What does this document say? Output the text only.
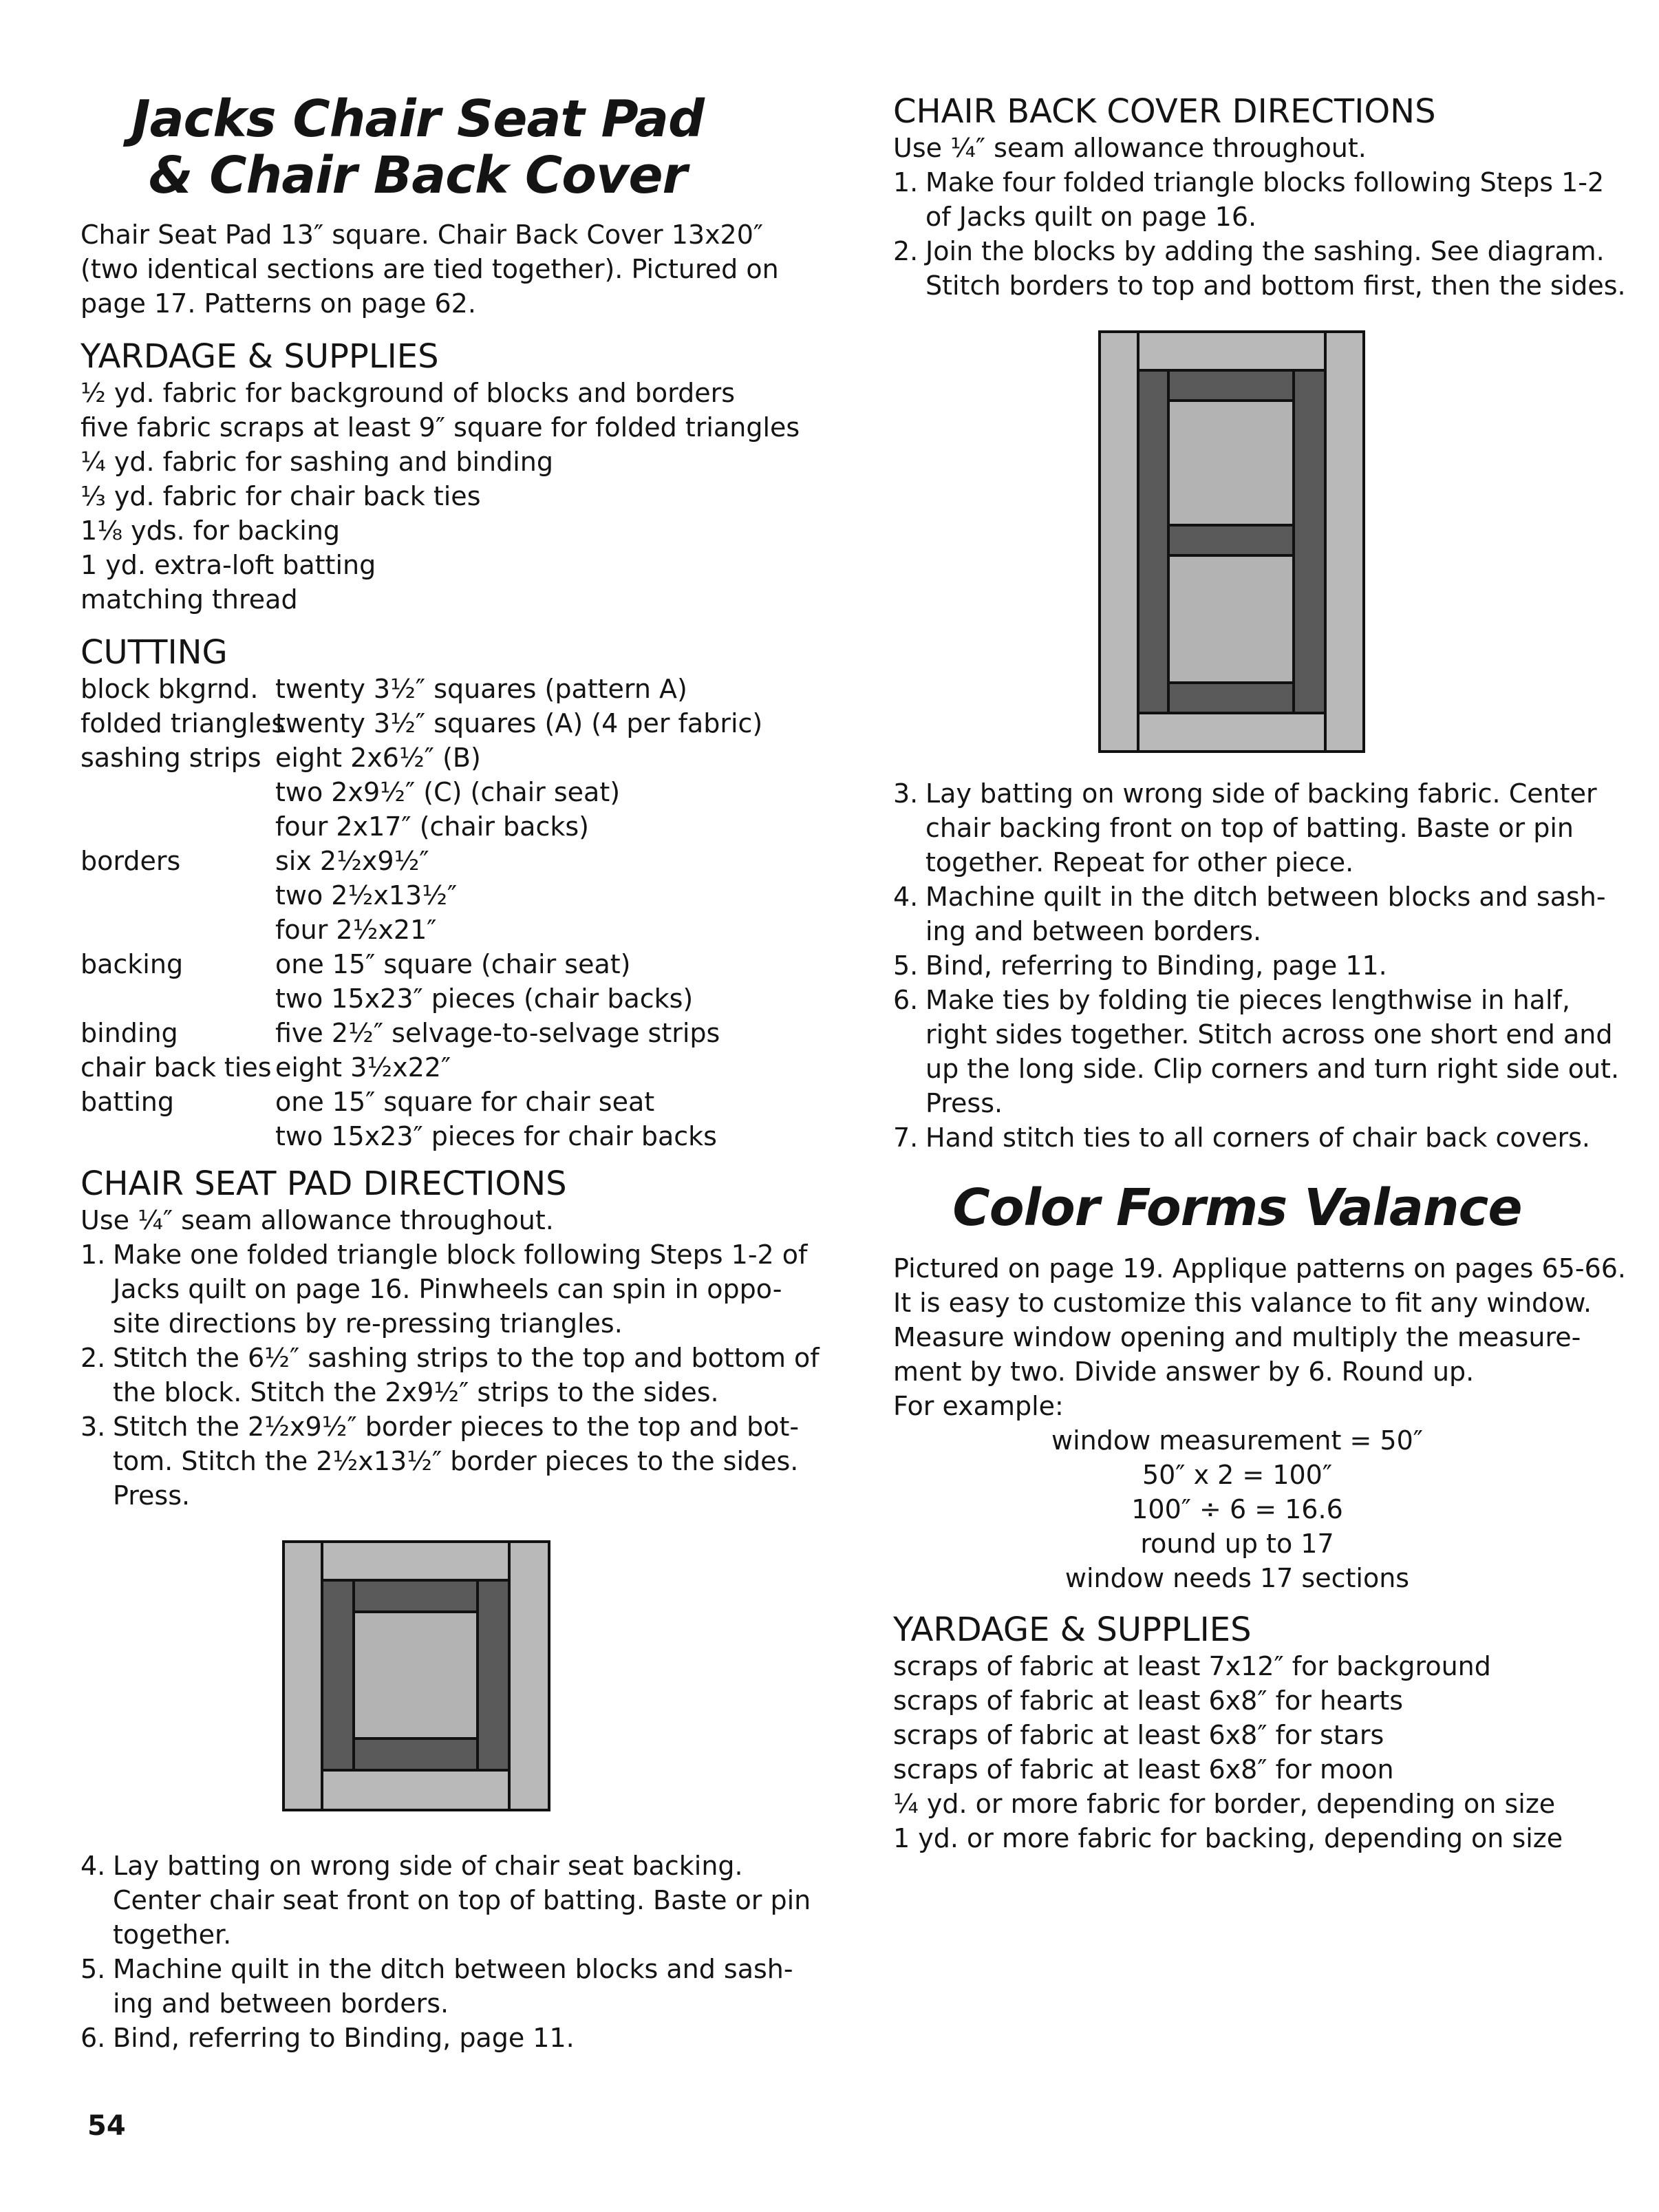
Jacks Chair Seat Pad
& Chair Back Cover
Chair Seat Pad 13″ square. Chair Back Cover 13x20″
(two identical sections are tied together). Pictured on
page 17. Patterns on page 62.
YARDAGE & SUPPLIES
½ yd. fabric for background of blocks and borders
five fabric scraps at least 9″ square for folded triangles
¼ yd. fabric for sashing and binding
⅓ yd. fabric for chair back ties
1⅛ yds. for backing
1 yd. extra-loft batting
matching thread
CUTTING
block bkgrnd.
folded triangles
sashing strips

borders

backing

binding
chair back ties
batting

twenty 3½″ squares (pattern A)
twenty 3½″ squares (A) (4 per fabric)
eight 2x6½″ (B)
two 2x9½″ (C) (chair seat)
four 2x17″ (chair backs)
six 2½x9½″
two 2½x13½″
four 2½x21″
one 15″ square (chair seat)
two 15x23″ pieces (chair backs)
five 2½″ selvage-to-selvage strips
eight 3½x22″
one 15″ square for chair seat
two 15x23″ pieces for chair backs
CHAIR SEAT PAD DIRECTIONS
Use ¼″ seam allowance throughout.
1. Make one folded triangle block following Steps 1-2 of
Jacks quilt on page 16. Pinwheels can spin in oppo-
site directions by re-pressing triangles.
2. Stitch the 6½″ sashing strips to the top and bottom of
the block. Stitch the 2x9½″ strips to the sides.
3. Stitch the 2½x9½″ border pieces to the top and bot-
tom. Stitch the 2½x13½″ border pieces to the sides.
Press.
4. Lay batting on wrong side of chair seat backing.
Center chair seat front on top of batting. Baste or pin
together.
5. Machine quilt in the ditch between blocks and sash-
ing and between borders.
6. Bind, referring to Binding, page 11.
CHAIR BACK COVER DIRECTIONS
Use ¼″ seam allowance throughout.
1. Make four folded triangle blocks following Steps 1-2
of Jacks quilt on page 16.
2. Join the blocks by adding the sashing. See diagram.
Stitch borders to top and bottom first, then the sides.
3. Lay batting on wrong side of backing fabric. Center
chair backing front on top of batting. Baste or pin
together. Repeat for other piece.
4. Machine quilt in the ditch between blocks and sash-
ing and between borders.
5. Bind, referring to Binding, page 11.
6. Make ties by folding tie pieces lengthwise in half,
right sides together. Stitch across one short end and
up the long side. Clip corners and turn right side out.
Press.
7. Hand stitch ties to all corners of chair back covers.
Color Forms Valance
Pictured on page 19. Applique patterns on pages 65-66.
It is easy to customize this valance to fit any window.
Measure window opening and multiply the measure-
ment by two. Divide answer by 6. Round up.
For example:
window measurement = 50″
50″ x 2 = 100″
100″ ÷ 6 = 16.6
round up to 17
window needs 17 sections
YARDAGE & SUPPLIES
scraps of fabric at least 7x12″ for background
scraps of fabric at least 6x8″ for hearts
scraps of fabric at least 6x8″ for stars
scraps of fabric at least 6x8″ for moon
¼ yd. or more fabric for border, depending on size
1 yd. or more fabric for backing, depending on size
54
